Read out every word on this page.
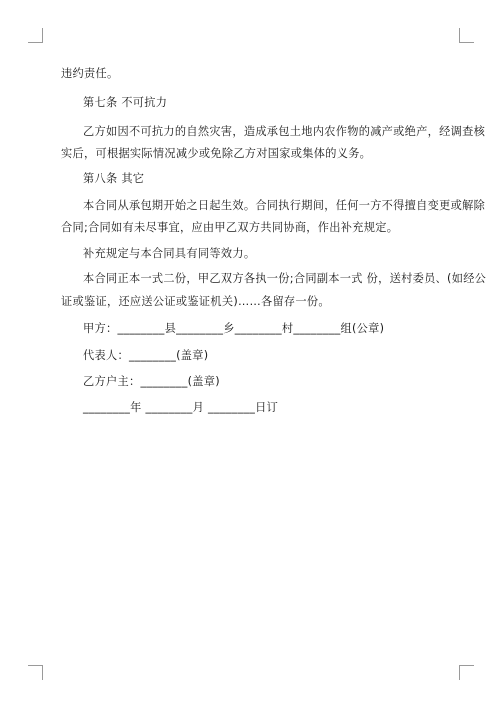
违约责任。
第七条 不可抗力
乙方如因不可抗力的自然灾害，造成承包土地内农作物的减产或绝产，经调查核
实后，可根据实际情况减少或免除乙方对国家或集体的义务。
第八条 其它
本合同从承包期开始之日起生效。合同执行期间，任何一方不得擅自变更或解除
合同;合同如有未尽事宜，应由甲乙双方共同协商，作出补充规定。
补充规定与本合同具有同等效力。
本合同正本一式二份，甲乙双方各执一份;合同副本一式 份，送村委员、(如经公
证或鉴证，还应送公证或鉴证机关)……各留存一份。
甲方：________县________乡________村________组(公章)
代表人：________(盖章)
乙方户主：________(盖章)
________年 ________月 ________日订
